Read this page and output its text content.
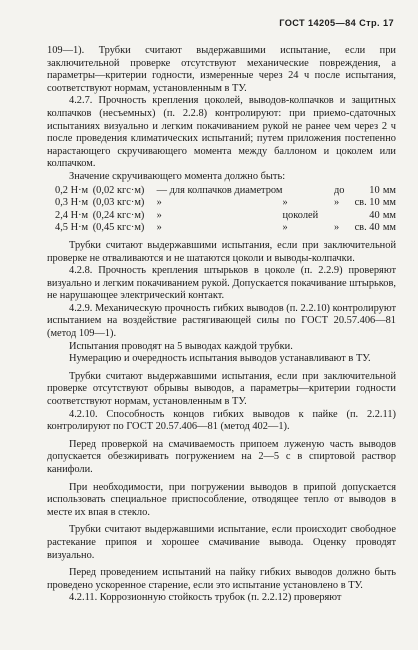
ГОСТ 14205—84 Стр. 17

109—1). Трубки считают выдержавшими испытание, если при заключительной проверке отсутствуют механические повреждения, а параметры—критерии годности, измеренные через 24 ч после испытания, соответствуют нормам, установленным в ТУ.

4.2.7. Прочность крепления цоколей, выводов-колпачков и защитных колпачков (несъемных) (п. 2.2.8) контролируют: при приемо-сдаточных испытаниях визуально и легким покачиванием рукой не ранее чем через 2 ч после проведения климатических испытаний; путем приложения постепенно нарастающего скручивающего момента между баллоном и цоколем или колпачком.

Значение скручивающего момента должно быть:

0,2 Н·м	(0,02 кгс·м)	— для колпачков диаметром		до	10	мм
0,3 Н·м	(0,03 кгс·м)	»	»	»	св. 10	мм
2,4 Н·м	(0,24 кгс·м)	»	цоколей		40	мм
4,5 Н·м	(0,45 кгс·м)	»	»	»	св. 40	мм

Трубки считают выдержавшими испытания, если при заключительной проверке не отваливаются и не шатаются цоколи и выводы-колпачки.

4.2.8. Прочность крепления штырьков в цоколе (п. 2.2.9) проверяют визуально и легким покачиванием рукой. Допускается покачивание штырьков, не нарушающее электрический контакт.

4.2.9. Механическую прочность гибких выводов (п. 2.2.10) контролируют испытанием на воздействие растягивающей силы по ГОСТ 20.57.406—81 (метод 109—1).

Испытания проводят на 5 выводах каждой трубки.

Нумерацию и очередность испытания выводов устанавливают в ТУ.

Трубки считают выдержавшими испытания, если при заключительной проверке отсутствуют обрывы выводов, а параметры—критерии годности соответствуют нормам, установленным в ТУ.

4.2.10. Способность концов гибких выводов к пайке (п. 2.2.11) контролируют по ГОСТ 20.57.406—81 (метод 402—1).

Перед проверкой на смачиваемость припоем луженую часть выводов допускается обезжиривать погружением на 2—5 с в спиртовой раствор канифоли.

При необходимости, при погружении выводов в припой допускается использовать специальное приспособление, отводящее тепло от выводов в месте их впая в стекло.

Трубки считают выдержавшими испытание, если происходит свободное растекание припоя и хорошее смачивание вывода. Оценку проводят визуально.

Перед проведением испытаний на пайку гибких выводов должно быть проведено ускоренное старение, если это испытание установлено в ТУ.

4.2.11. Коррозионную стойкость трубок (п. 2.2.12) проверяют
